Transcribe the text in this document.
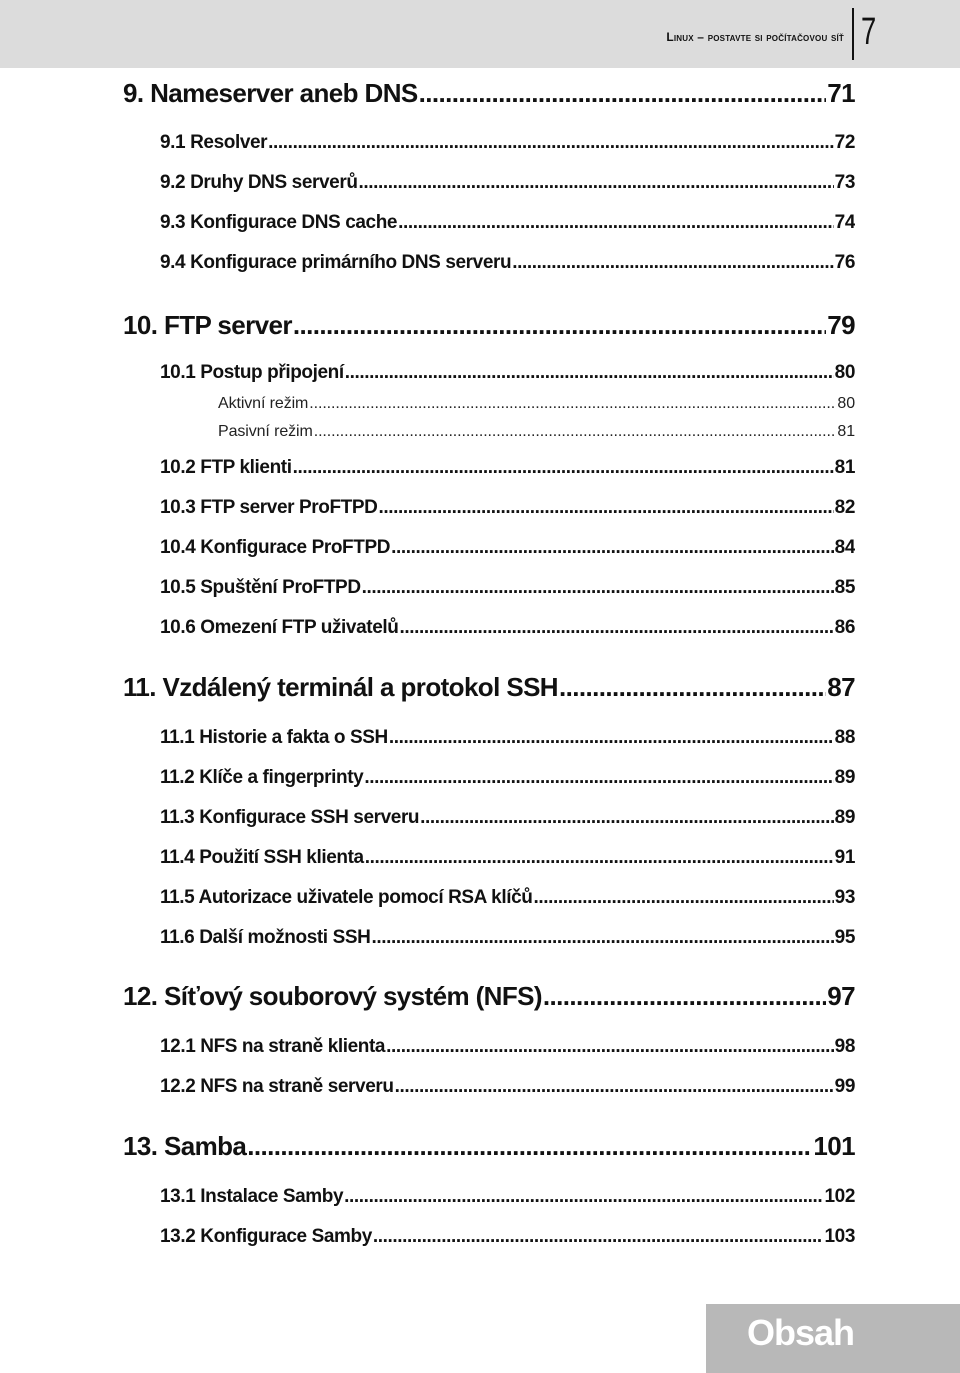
Linux – postavte si počítačovou síť 7
9. Nameserver aneb DNS .....	71
9.1 Resolver .....	72
9.2 Druhy DNS serverů .....	73
9.3 Konfigurace DNS cache .....	74
9.4 Konfigurace primárního DNS serveru .....	76
10. FTP server .....	79
10.1 Postup připojení .....	80
Aktivní režim .....	80
Pasivní režim .....	81
10.2 FTP klienti .....	81
10.3 FTP server ProFTPD .....	82
10.4 Konfigurace ProFTPD .....	84
10.5 Spuštění ProFTPD .....	85
10.6 Omezení FTP uživatelů .....	86
11. Vzdálený terminál a protokol SSH .....	87
11.1 Historie a fakta o SSH .....	88
11.2 Klíče a fingerprinty .....	89
11.3 Konfigurace SSH serveru .....	89
11.4 Použití SSH klienta .....	91
11.5 Autorizace uživatele pomocí RSA klíčů .....	93
11.6 Další možnosti SSH .....	95
12. Síťový souborový systém (NFS) .....	97
12.1 NFS na straně klienta .....	98
12.2 NFS na straně serveru .....	99
13. Samba .....	101
13.1 Instalace Samby .....	102
13.2 Konfigurace Samby .....	103
Obsah
